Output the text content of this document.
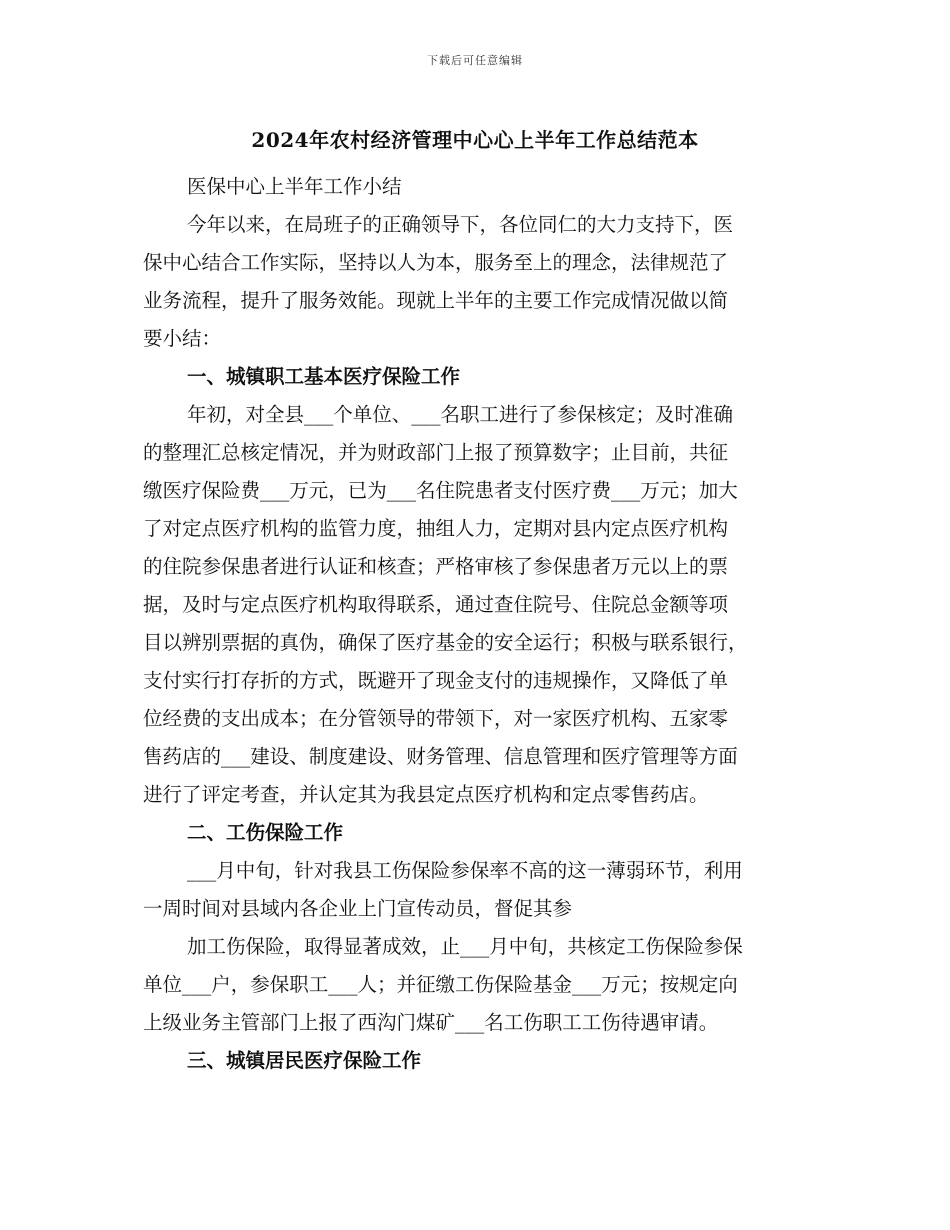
下载后可任意编辑
2024年农村经济管理中心心上半年工作总结范本
医保中心上半年工作小结
今年以来，在局班子的正确领导下，各位同仁的大力支持下，医
保中心结合工作实际，坚持以人为本，服务至上的理念，法律规范了
业务流程，提升了服务效能。现就上半年的主要工作完成情况做以简
要小结：
一、城镇职工基本医疗保险工作
年初，对全县___个单位、___名职工进行了参保核定；及时准确
的整理汇总核定情况，并为财政部门上报了预算数字；止目前，共征
缴医疗保险费___万元，已为___名住院患者支付医疗费___万元；加大
了对定点医疗机构的监管力度，抽组人力，定期对县内定点医疗机构
的住院参保患者进行认证和核查；严格审核了参保患者万元以上的票
据，及时与定点医疗机构取得联系，通过查住院号、住院总金额等项
目以辨别票据的真伪，确保了医疗基金的安全运行；积极与联系银行，
支付实行打存折的方式，既避开了现金支付的违规操作，又降低了单
位经费的支出成本；在分管领导的带领下，对一家医疗机构、五家零
售药店的___建设、制度建设、财务管理、信息管理和医疗管理等方面
进行了评定考查，并认定其为我县定点医疗机构和定点零售药店。
二、工伤保险工作
___月中旬，针对我县工伤保险参保率不高的这一薄弱环节，利用
一周时间对县域内各企业上门宣传动员，督促其参
加工伤保险，取得显著成效，止___月中旬，共核定工伤保险参保
单位___户，参保职工___人；并征缴工伤保险基金___万元；按规定向
上级业务主管部门上报了西沟门煤矿___名工伤职工工伤待遇审请。
三、城镇居民医疗保险工作
